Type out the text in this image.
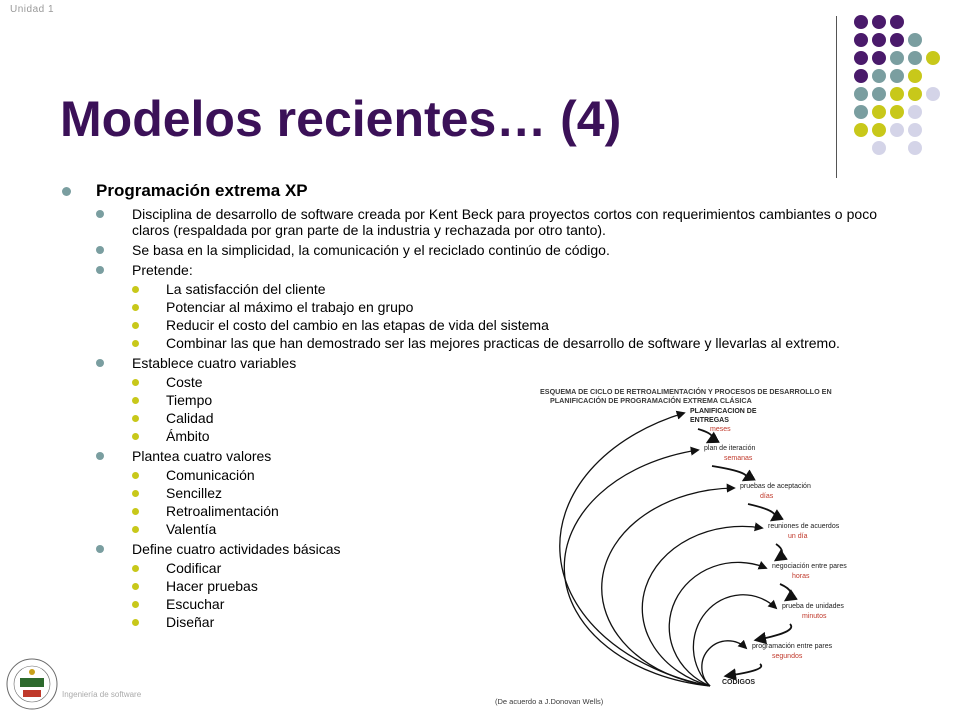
Unidad 1
Modelos recientes… (4)
Programación extrema XP
Disciplina de desarrollo de software creada por Kent Beck para proyectos cortos con requerimientos cambiantes o poco claros (respaldada por gran parte de la industria y rechazada por otro tanto).
Se basa en la simplicidad, la comunicación y el reciclado continúo de código.
Pretende:
La satisfacción del cliente
Potenciar al máximo el trabajo en grupo
Reducir el costo del cambio en las etapas de vida del sistema
Combinar las que han demostrado ser las mejores practicas de desarrollo de software y llevarlas al extremo.
Establece cuatro variables
Coste
Tiempo
Calidad
Ámbito
Plantea cuatro valores
Comunicación
Sencillez
Retroalimentación
Valentía
Define cuatro actividades básicas
Codificar
Hacer pruebas
Escuchar
Diseñar
ESQUEMA DE CICLO DE RETROALIMENTACIÓN Y PROCESOS DE DESARROLLO EN
PLANIFICACIÓN DE PROGRAMACIÓN EXTREMA CLÁSICA
PLANIFICACION DE
ENTREGAS
meses
plan de iteración
semanas
pruebas de aceptación
días
reuniones de acuerdos
un día
negociación entre pares
horas
prueba de unidades
minutos
programación entre pares
segundos
CODIGOS
(De acuerdo a J.Donovan Wells)
Ingeniería de software
